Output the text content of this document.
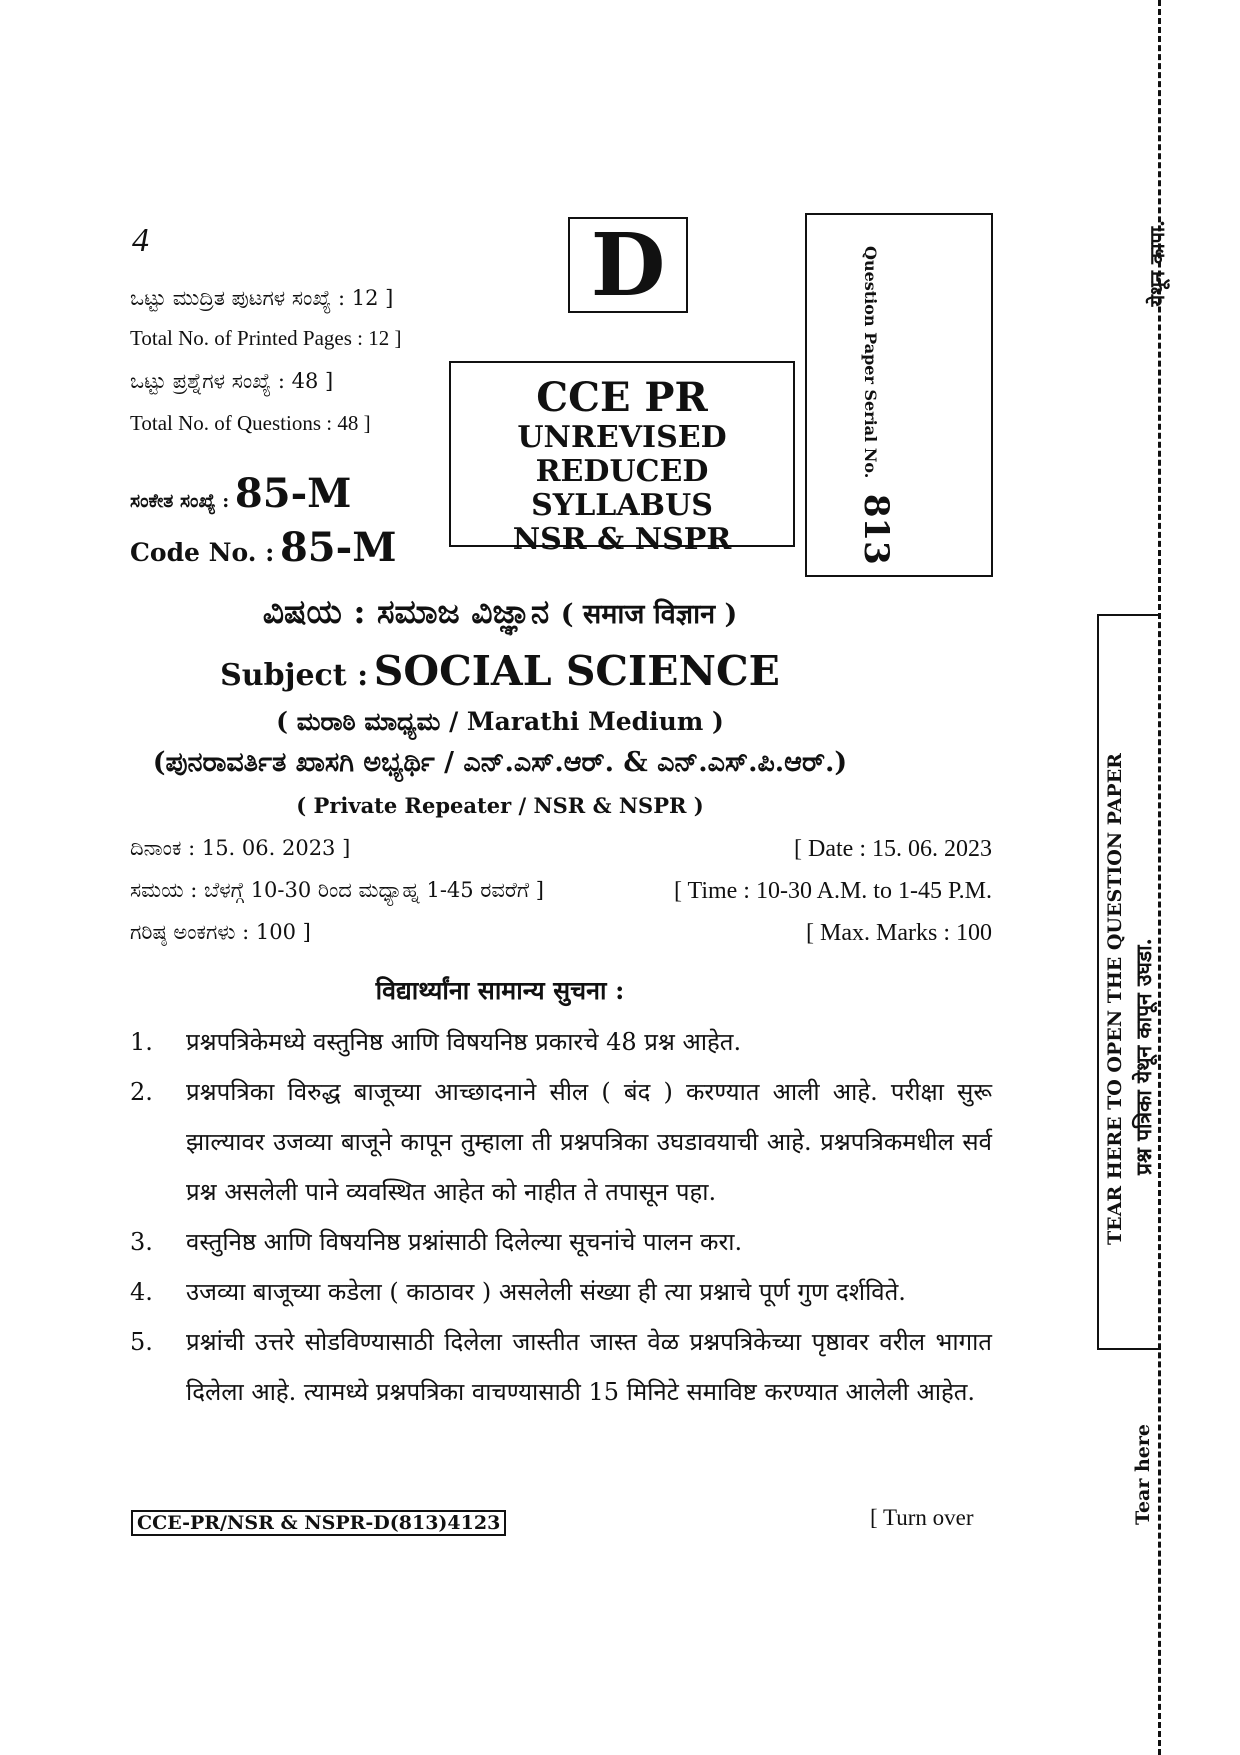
4
ಒಟ್ಟು ಮುದ್ರಿತ ಪುಟಗಳ ಸಂಖ್ಯೆ : 12 ]
Total No. of Printed Pages : 12 ]
ಒಟ್ಟು ಪ್ರಶ್ನೆಗಳ ಸಂಖ್ಯೆ : 48 ]
Total No. of Questions : 48 ]
ಸಂಕೇತ ಸಂಖ್ಯೆ : 85-M
Code No. : 85-M
D
CCE PR
UNREVISED
REDUCED SYLLABUS
NSR & NSPR
Question Paper Serial No. 813
ವಿಷಯ : ಸಮಾಜ ವಿಜ್ಞಾನ ( समाज विज्ञान )
Subject : SOCIAL SCIENCE
( ಮರಾಠಿ ಮಾಧ್ಯಮ / Marathi Medium )
(ಪುನರಾವರ್ತಿತ ಖಾಸಗಿ ಅಭ್ಯರ್ಥಿ / ಎನ್.ಎಸ್.ಆರ್. & ಎನ್.ಎಸ್.ಪಿ.ಆರ್.)
( Private Repeater / NSR & NSPR )
ದಿನಾಂಕ : 15. 06. 2023 ]	[ Date : 15. 06. 2023
ಸಮಯ : ಬೆಳಗ್ಗೆ 10-30 ರಿಂದ ಮಧ್ಯಾಹ್ನ 1-45 ರವರೆಗೆ ]	[ Time : 10-30 A.M. to 1-45 P.M.
ಗರಿಷ್ಠ ಅಂಕಗಳು : 100 ]	[ Max. Marks : 100
विद्यार्थ्यांना सामान्य सुचना :
1.	प्रश्नपत्रिकेमध्ये वस्तुनिष्ठ आणि विषयनिष्ठ प्रकारचे 48 प्रश्न आहेत.
2.	प्रश्नपत्रिका विरुद्ध बाजूच्या आच्छादनाने सील ( बंद ) करण्यात आली आहे. परीक्षा सुरू झाल्यावर उजव्या बाजूने कापून तुम्हाला ती प्रश्नपत्रिका उघडावयाची आहे. प्रश्नपत्रिकमधील सर्व प्रश्न असलेली पाने व्यवस्थित आहेत को नाहीत ते तपासून पहा.
3.	वस्तुनिष्ठ आणि विषयनिष्ठ प्रश्नांसाठी दिलेल्या सूचनांचे पालन करा.
4.	उजव्या बाजूच्या कडेला ( काठावर ) असलेली संख्या ही त्या प्रश्नाचे पूर्ण गुण दर्शविते.
5.	प्रश्नांची उत्तरे सोडविण्यासाठी दिलेला जास्तीत जास्त वेळ प्रश्नपत्रिकेच्या पृष्ठावर वरील भागात दिलेला आहे. त्यामध्ये प्रश्नपत्रिका वाचण्यासाठी 15 मिनिटे समाविष्ट करण्यात आलेली आहेत.
CCE-PR/NSR & NSPR-D(813)4123	[ Turn over
येथून कापा.
TEAR HERE TO OPEN THE QUESTION PAPER प्रश्न पत्रिका येथून कापून उघडा.
Tear here
